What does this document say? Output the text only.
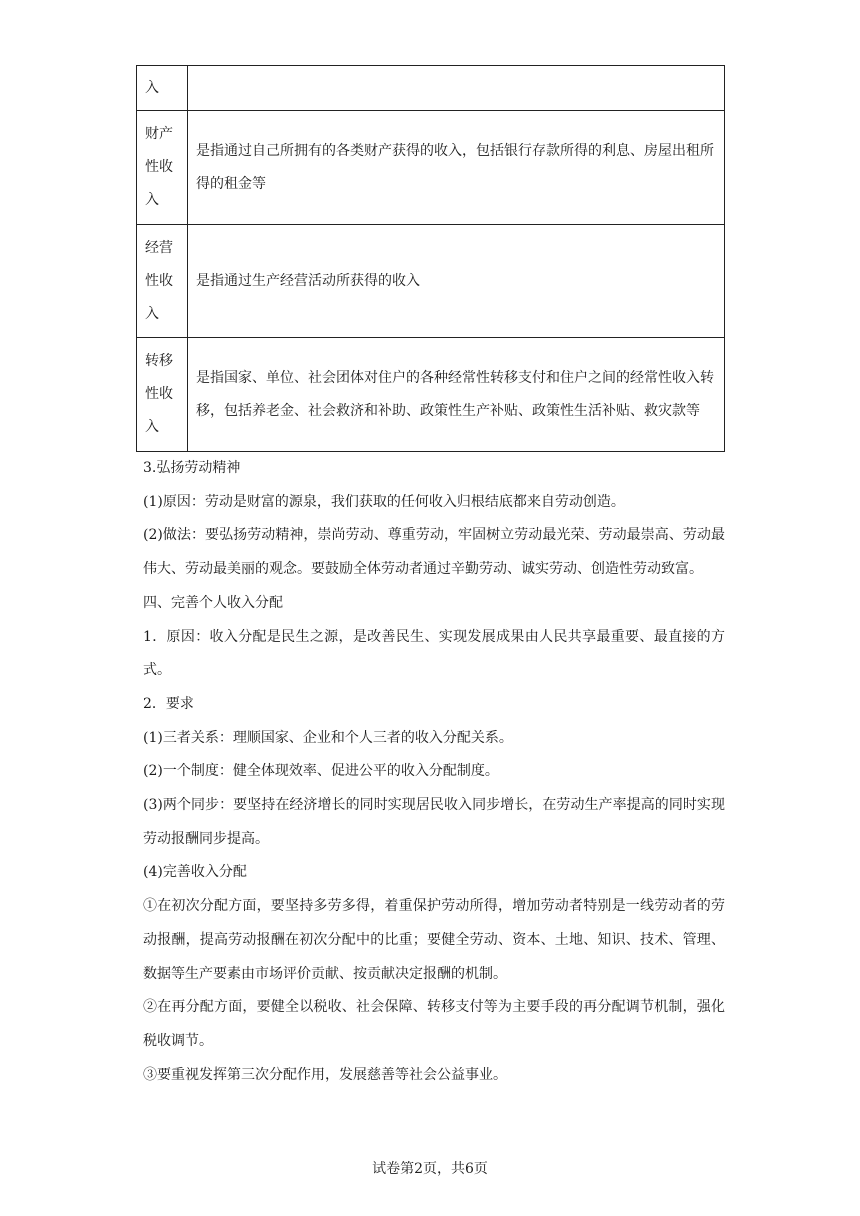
入	

财产性收入	是指通过自己所拥有的各类财产获得的收入，包括银行存款所得的利息、房屋出租所得的租金等

经营性收入	是指通过生产经营活动所获得的收入

转移性收入	是指国家、单位、社会团体对住户的各种经常性转移支付和住户之间的经常性收入转移，包括养老金、社会救济和补助、政策性生产补贴、政策性生活补贴、救灾款等

3.弘扬劳动精神

(1)原因：劳动是财富的源泉，我们获取的任何收入归根结底都来自劳动创造。

(2)做法：要弘扬劳动精神，崇尚劳动、尊重劳动，牢固树立劳动最光荣、劳动最崇高、劳动最伟大、劳动最美丽的观念。要鼓励全体劳动者通过辛勤劳动、诚实劳动、创造性劳动致富。

四、完善个人收入分配

1．原因：收入分配是民生之源，是改善民生、实现发展成果由人民共享最重要、最直接的方式。

2．要求

(1)三者关系：理顺国家、企业和个人三者的收入分配关系。

(2)一个制度：健全体现效率、促进公平的收入分配制度。

(3)两个同步：要坚持在经济增长的同时实现居民收入同步增长，在劳动生产率提高的同时实现劳动报酬同步提高。

(4)完善收入分配

①在初次分配方面，要坚持多劳多得，着重保护劳动所得，增加劳动者特别是一线劳动者的劳动报酬，提高劳动报酬在初次分配中的比重；要健全劳动、资本、土地、知识、技术、管理、数据等生产要素由市场评价贡献、按贡献决定报酬的机制。

②在再分配方面，要健全以税收、社会保障、转移支付等为主要手段的再分配调节机制，强化税收调节。

③要重视发挥第三次分配作用，发展慈善等社会公益事业。

试卷第2页，共6页
